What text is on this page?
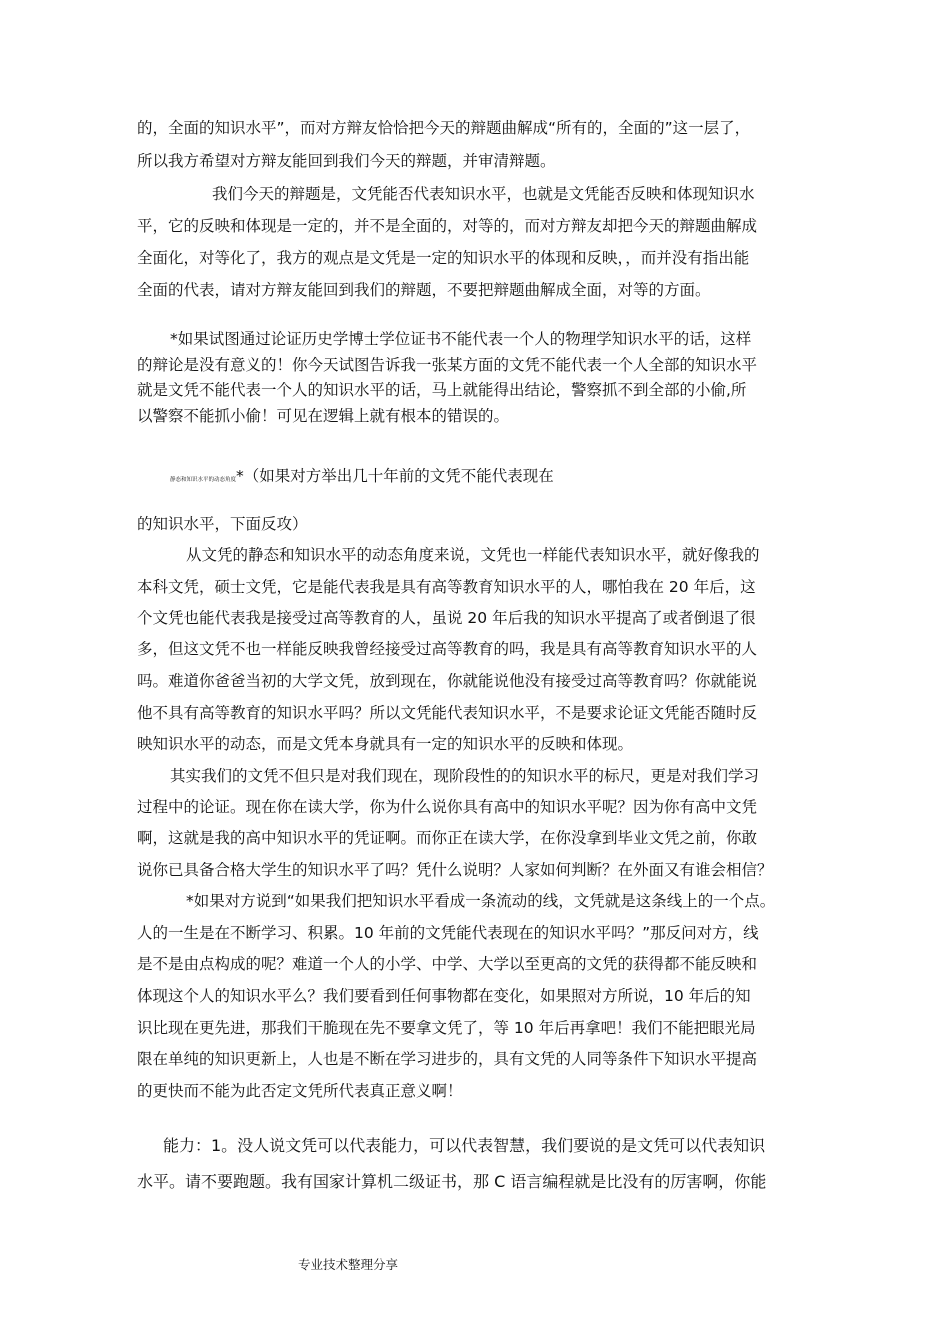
的，全面的知识水平”，而对方辩友恰恰把今天的辩题曲解成“所有的，全面的”这一层了，
所以我方希望对方辩友能回到我们今天的辩题，并审清辩题。
我们今天的辩题是，文凭能否代表知识水平，也就是文凭能否反映和体现知识水
平，它的反映和体现是一定的，并不是全面的，对等的，而对方辩友却把今天的辩题曲解成
全面化，对等化了，我方的观点是文凭是一定的知识水平的体现和反映，，而并没有指出能
全面的代表，请对方辩友能回到我们的辩题，不要把辩题曲解成全面，对等的方面。
*如果试图通过论证历史学博士学位证书不能代表一个人的物理学知识水平的话，这样
的辩论是没有意义的！你今天试图告诉我一张某方面的文凭不能代表一个人全部的知识水平
就是文凭不能代表一个人的知识水平的话，马上就能得出结论，警察抓不到全部的小偷,所
以警察不能抓小偷！可见在逻辑上就有根本的错误的。
静态和知识水平的动态角度*（如果对方举出几十年前的文凭不能代表现在
的知识水平，下面反攻）
从文凭的静态和知识水平的动态角度来说，文凭也一样能代表知识水平，就好像我的
本科文凭，硕士文凭，它是能代表我是具有高等教育知识水平的人，哪怕我在 20 年后，这
个文凭也能代表我是接受过高等教育的人，虽说 20 年后我的知识水平提高了或者倒退了很
多，但这文凭不也一样能反映我曾经接受过高等教育的吗，我是具有高等教育知识水平的人
吗。难道你爸爸当初的大学文凭，放到现在，你就能说他没有接受过高等教育吗？你就能说
他不具有高等教育的知识水平吗？所以文凭能代表知识水平，不是要求论证文凭能否随时反
映知识水平的动态，而是文凭本身就具有一定的知识水平的反映和体现。
其实我们的文凭不但只是对我们现在，现阶段性的的知识水平的标尺，更是对我们学习
过程中的论证。现在你在读大学，你为什么说你具有高中的知识水平呢？因为你有高中文凭
啊，这就是我的高中知识水平的凭证啊。而你正在读大学，在你没拿到毕业文凭之前，你敢
说你已具备合格大学生的知识水平了吗？凭什么说明？人家如何判断？在外面又有谁会相信？
*如果对方说到“如果我们把知识水平看成一条流动的线，文凭就是这条线上的一个点。
人的一生是在不断学习、积累。10 年前的文凭能代表现在的知识水平吗？”那反问对方，线
是不是由点构成的呢？难道一个人的小学、中学、大学以至更高的文凭的获得都不能反映和
体现这个人的知识水平么？我们要看到任何事物都在变化，如果照对方所说，10 年后的知
识比现在更先进，那我们干脆现在先不要拿文凭了，等 10 年后再拿吧！我们不能把眼光局
限在单纯的知识更新上，人也是不断在学习进步的，具有文凭的人同等条件下知识水平提高
的更快而不能为此否定文凭所代表真正意义啊！
能力：1。没人说文凭可以代表能力，可以代表智慧，我们要说的是文凭可以代表知识
水平。请不要跑题。我有国家计算机二级证书，那 C 语言编程就是比没有的厉害啊，你能
专业技术整理分享
